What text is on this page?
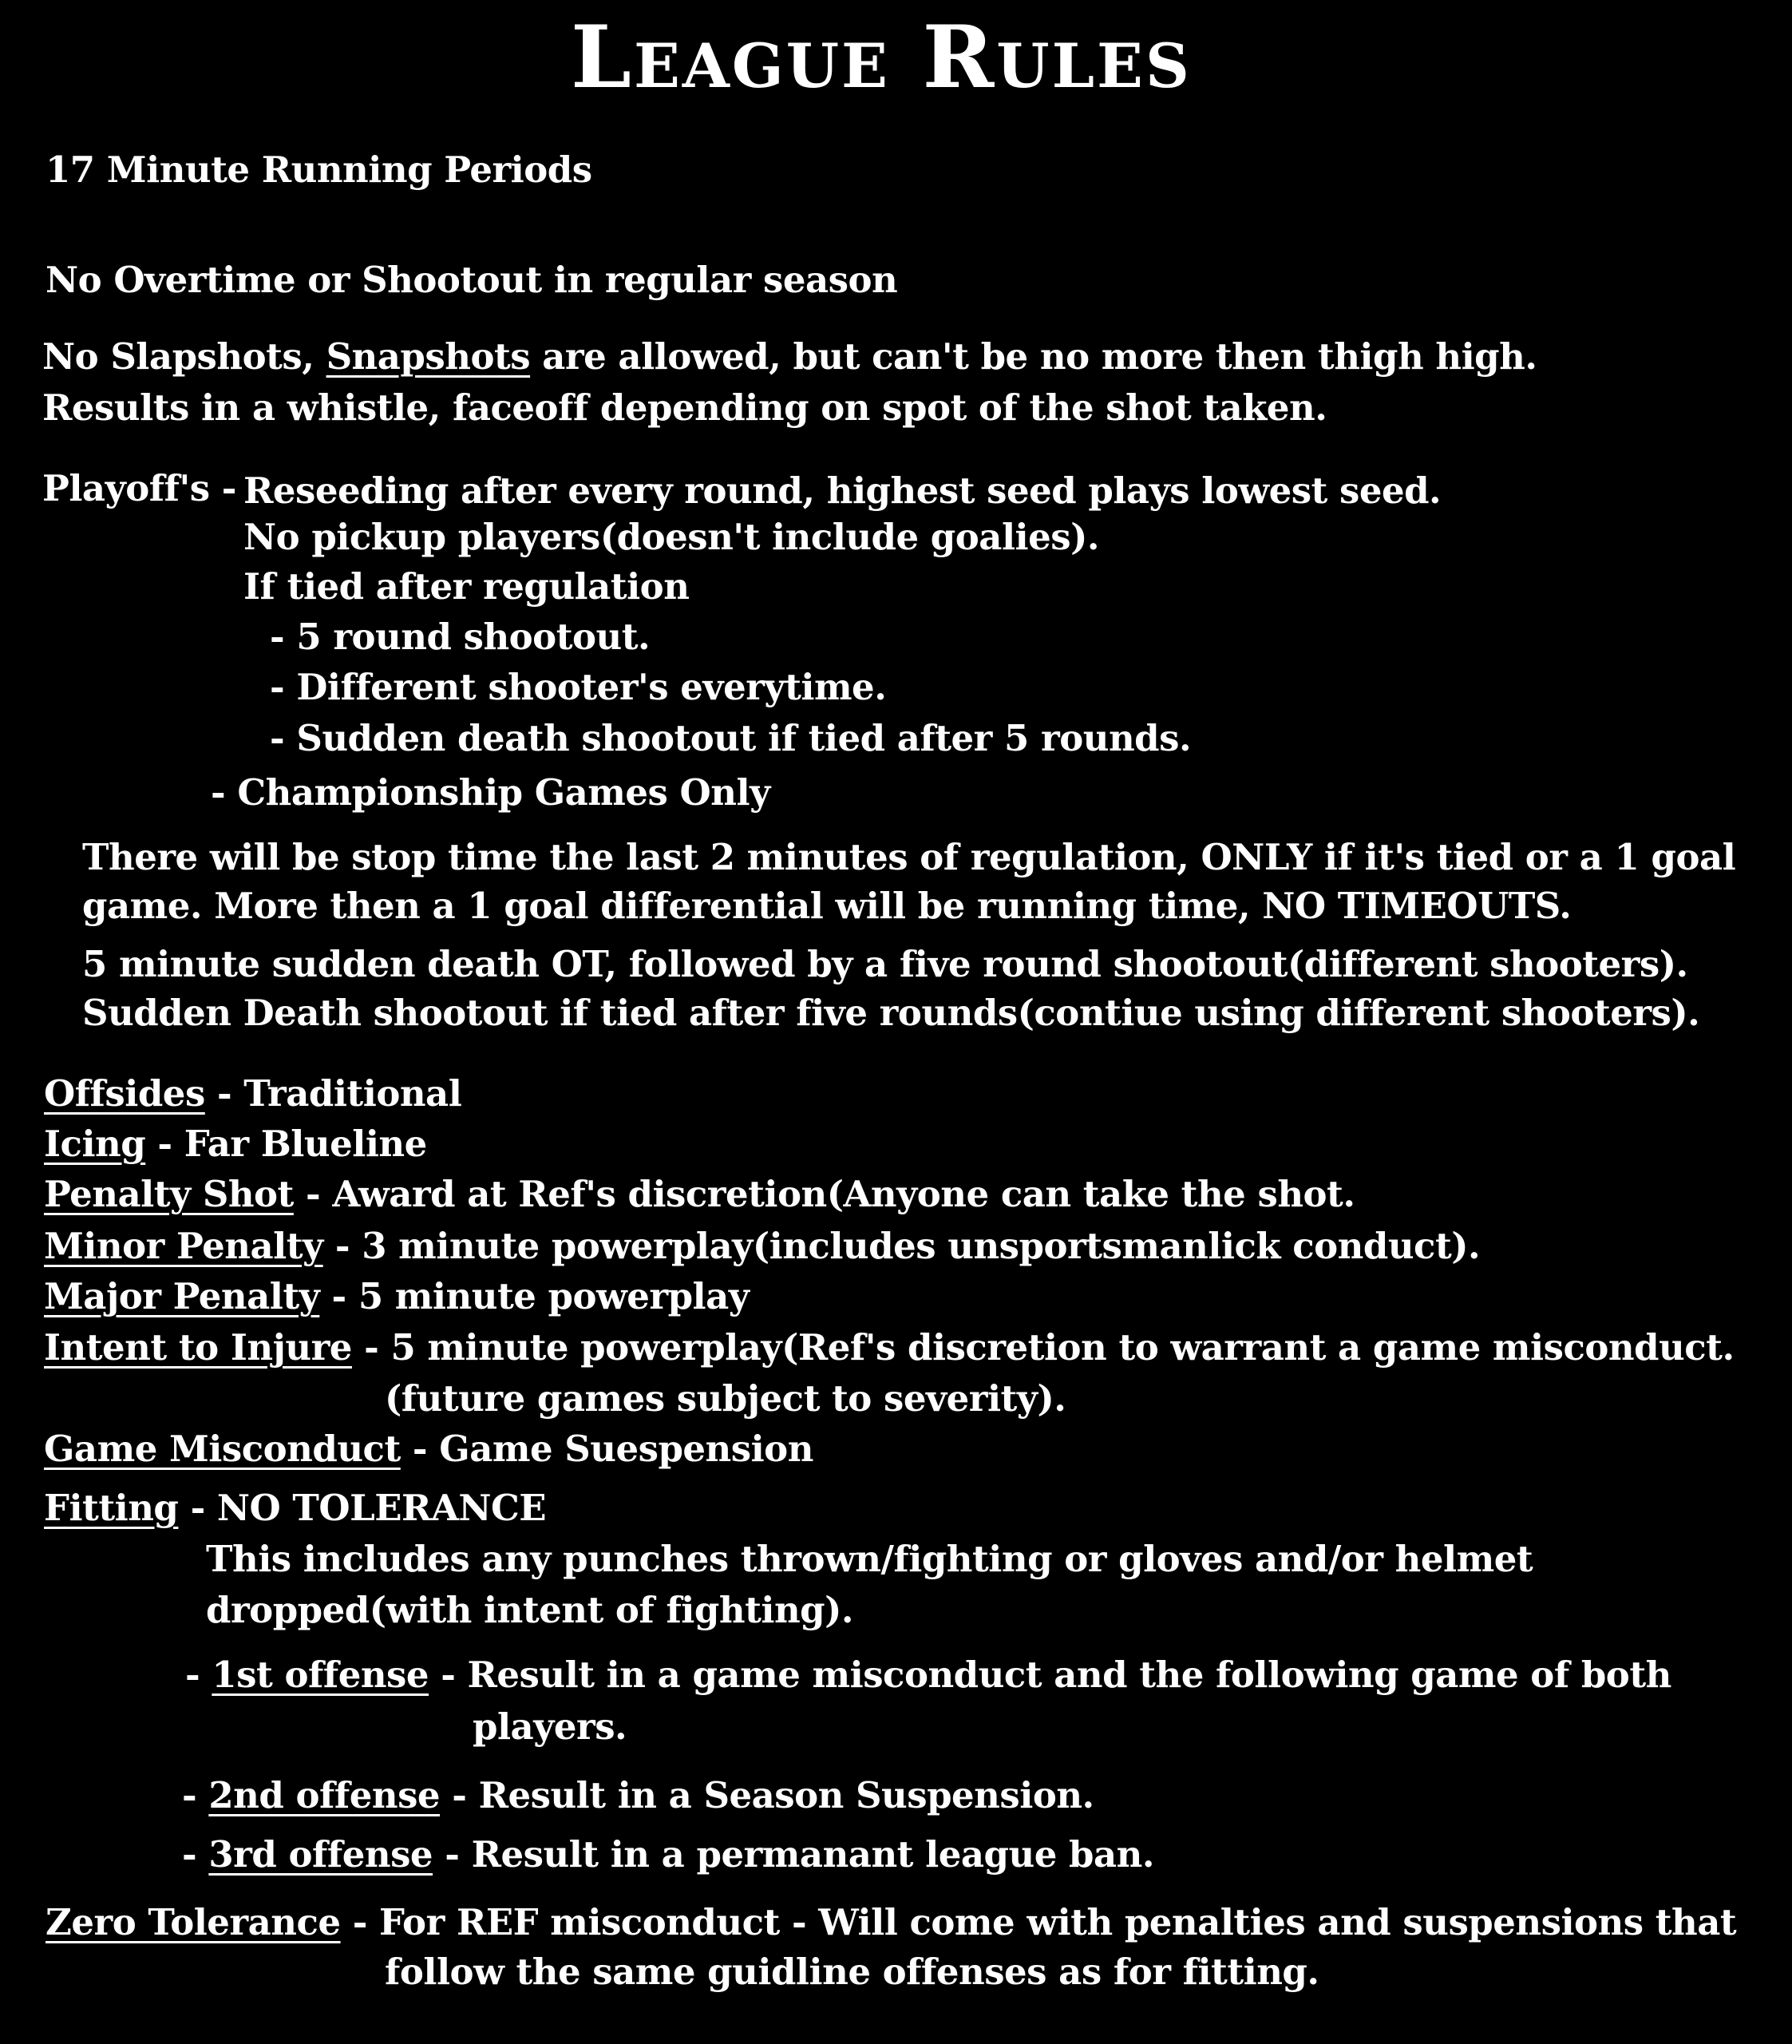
League Rules
17 Minute Running Periods
No Overtime or Shootout in regular season
No Slapshots, Snapshots are allowed, but can't be no more then thigh high.
Results in a whistle, faceoff depending on spot of the shot taken.
Playoff's - Reseeding after every round, highest seed plays lowest seed.
No pickup players(doesn't include goalies).
If tied after regulation
- 5 round shootout.
- Different shooter's everytime.
- Sudden death shootout if tied after 5 rounds.
- Championship Games Only
There will be stop time the last 2 minutes of regulation, ONLY if it's tied or a 1 goal
game. More then a 1 goal differential will be running time, NO TIMEOUTS.
5 minute sudden death OT, followed by a five round shootout(different shooters).
Sudden Death shootout if tied after five rounds(contiue using different shooters).
Offsides - Traditional
Icing - Far Blueline
Penalty Shot - Award at Ref's discretion(Anyone can take the shot.
Minor Penalty - 3 minute powerplay(includes unsportsmanlick conduct).
Major Penalty - 5 minute powerplay
Intent to Injure - 5 minute powerplay(Ref's discretion to warrant a game misconduct.
(future games subject to severity).
Game Misconduct - Game Suespension
Fitting - NO TOLERANCE
This includes any punches thrown/fighting or gloves and/or helmet
dropped(with intent of fighting).
- 1st offense - Result in a game misconduct and the following game of both
players.
- 2nd offense - Result in a Season Suspension.
- 3rd offense - Result in a permanant league ban.
Zero Tolerance - For REF misconduct - Will come with penalties and suspensions that
follow the same guidline offenses as for fitting.
